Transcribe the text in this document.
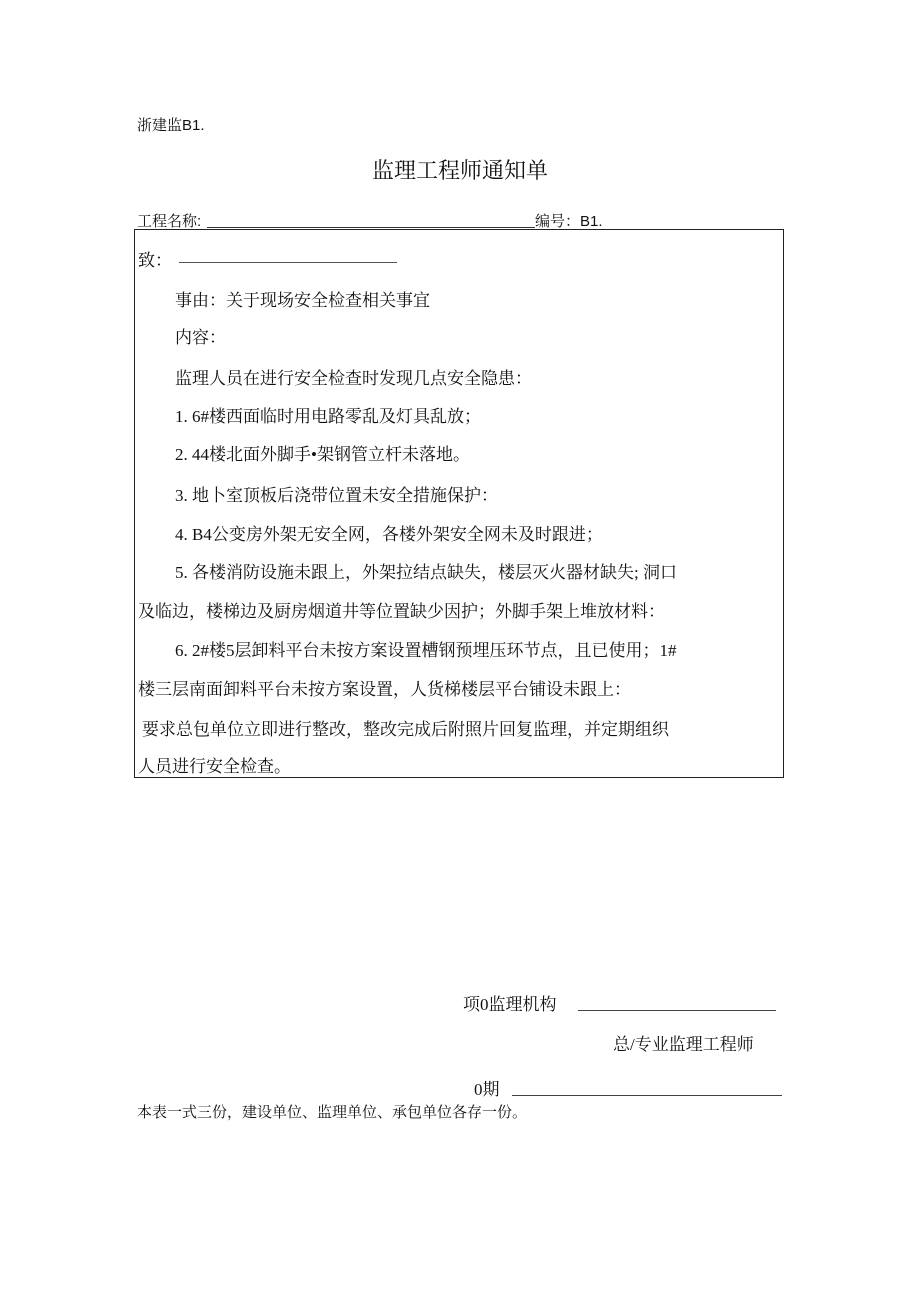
浙建监B1.
监理工程师通知单
工程名称:	编号：B1.
致：
事由：关于现场安全检查相关事宜
内容：
监理人员在进行安全检查时发现几点安全隐患：
1. 6#楼西面临时用电路零乱及灯具乱放；
2. 44楼北面外脚手•架钢管立杆未落地。
3. 地卜室顶板后浇带位置未安全措施保护：
4. B4公变房外架无安全网，各楼外架安全网未及时跟进；
5. 各楼消防设施未跟上，外架拉结点缺失，楼层灭火器材缺失; 洞口
及临边，楼梯边及厨房烟道井等位置缺少因护；外脚手架上堆放材料：
6. 2#楼5层卸料平台未按方案设置槽钢预埋压环节点，且已使用；1#
楼三层南面卸料平台未按方案设置，人货梯楼层平台铺设未跟上：
要求总包单位立即进行整改，整改完成后附照片回复监理，并定期组织
人员进行安全检查。
项0监理机构
总/专业监理工程师
0期
本表一式三份，建设单位、监理单位、承包单位各存一份。
